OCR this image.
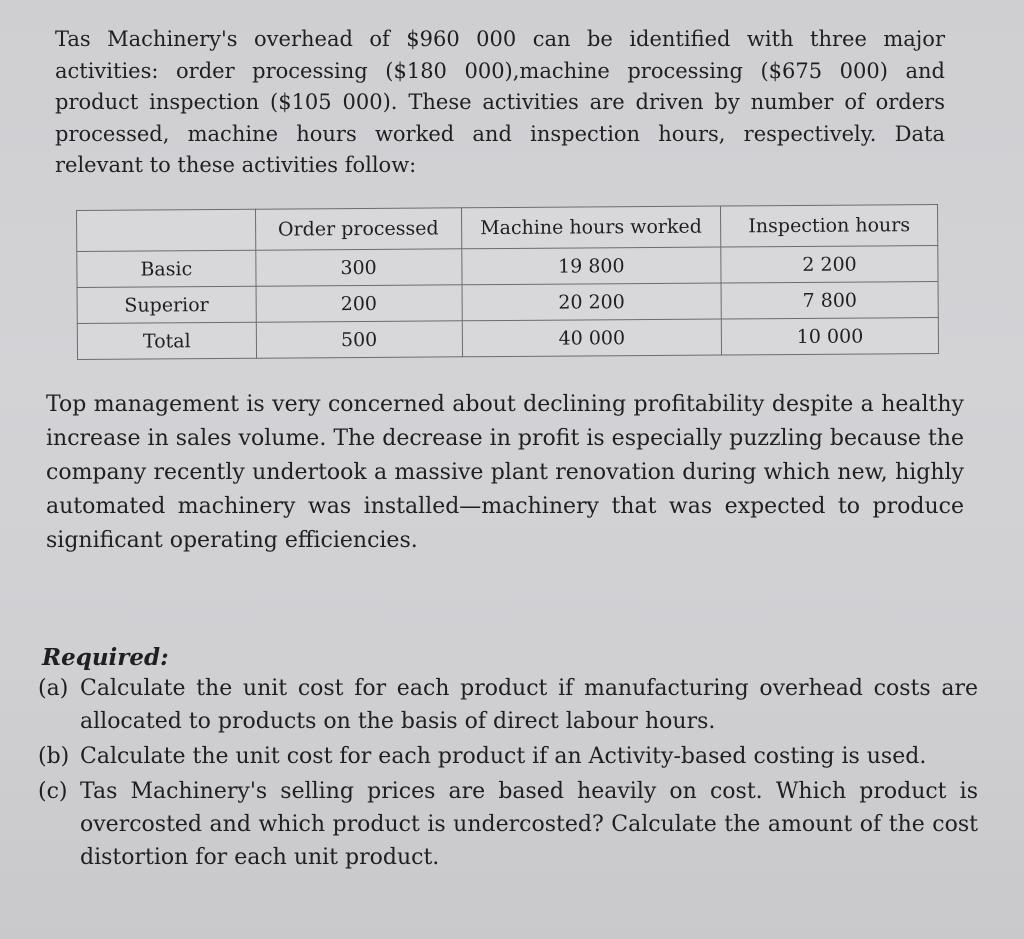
Tas Machinery's overhead of $960 000 can be identified with three major activities: order processing ($180 000),machine processing ($675 000) and product inspection ($105 000). These activities are driven by number of orders processed, machine hours worked and inspection hours, respectively. Data relevant to these activities follow:

	Order processed	Machine hours worked	Inspection hours
Basic	300	19 800	2 200
Superior	200	20 200	7 800
Total	500	40 000	10 000

Top management is very concerned about declining profitability despite a healthy increase in sales volume. The decrease in profit is especially puzzling because the company recently undertook a massive plant renovation during which new, highly automated machinery was installed—machinery that was expected to produce significant operating efficiencies.

Required:

(a) Calculate the unit cost for each product if manufacturing overhead costs are allocated to products on the basis of direct labour hours.

(b) Calculate the unit cost for each product if an Activity-based costing is used.

(c) Tas Machinery's selling prices are based heavily on cost. Which product is overcosted and which product is undercosted? Calculate the amount of the cost distortion for each unit product.
